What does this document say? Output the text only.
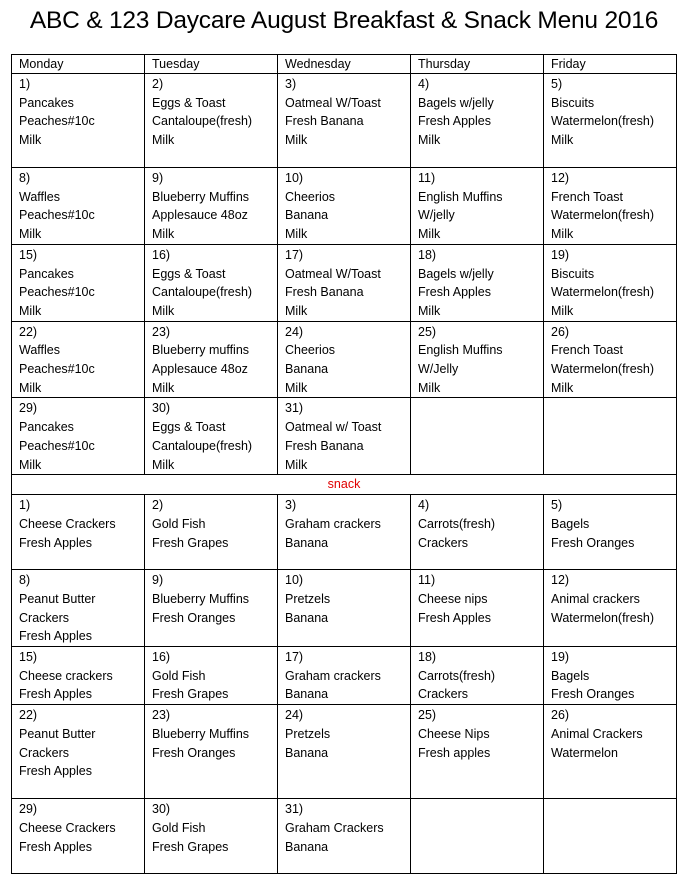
ABC & 123 Daycare August Breakfast & Snack Menu 2016
Monday	Tuesday	Wednesday	Thursday	Friday

1)
Pancakes
Peaches#10c
Milk	2)
Eggs & Toast
Cantaloupe(fresh)
Milk	3)
Oatmeal W/Toast
Fresh Banana
Milk	4)
Bagels w/jelly
Fresh Apples
Milk	5)
Biscuits
Watermelon(fresh)
Milk

8)
Waffles
Peaches#10c
Milk	9)
Blueberry Muffins
Applesauce 48oz
Milk	10)
Cheerios
Banana
Milk	11)
English Muffins
W/jelly
Milk	12)
French Toast
Watermelon(fresh)
Milk

15)
Pancakes
Peaches#10c
Milk	16)
Eggs & Toast
Cantaloupe(fresh)
Milk	17)
Oatmeal W/Toast
Fresh Banana
Milk	18)
Bagels w/jelly
Fresh Apples
Milk	19)
Biscuits
Watermelon(fresh)
Milk

22)
Waffles
Peaches#10c
Milk	23)
Blueberry muffins
Applesauce 48oz
Milk	24)
Cheerios
Banana
Milk	25)
English Muffins
W/Jelly
Milk	26)
French Toast
Watermelon(fresh)
Milk

29)
Pancakes
Peaches#10c
Milk	30)
Eggs & Toast
Cantaloupe(fresh)
Milk	31)
Oatmeal w/ Toast
Fresh Banana
Milk		

snack				

1)
Cheese Crackers
Fresh Apples	2)
Gold Fish
Fresh Grapes	3)
Graham crackers
Banana	4)
Carrots(fresh)
Crackers	5)
Bagels
Fresh Oranges

8)
Peanut Butter
Crackers
Fresh Apples	9)
Blueberry Muffins
Fresh Oranges	10)
Pretzels
Banana	11)
Cheese nips
Fresh Apples	12)
Animal crackers
Watermelon(fresh)

15)
Cheese crackers
Fresh Apples	16)
Gold Fish
Fresh Grapes	17)
Graham crackers
Banana	18)
Carrots(fresh)
Crackers	19)
Bagels
Fresh Oranges

22)
Peanut Butter
Crackers
Fresh Apples	23)
Blueberry Muffins
Fresh Oranges	24)
Pretzels
Banana	25)
Cheese Nips
Fresh apples	26)
Animal Crackers
Watermelon

29)
Cheese Crackers
Fresh Apples	30)
Gold Fish
Fresh Grapes	31)
Graham Crackers
Banana		
